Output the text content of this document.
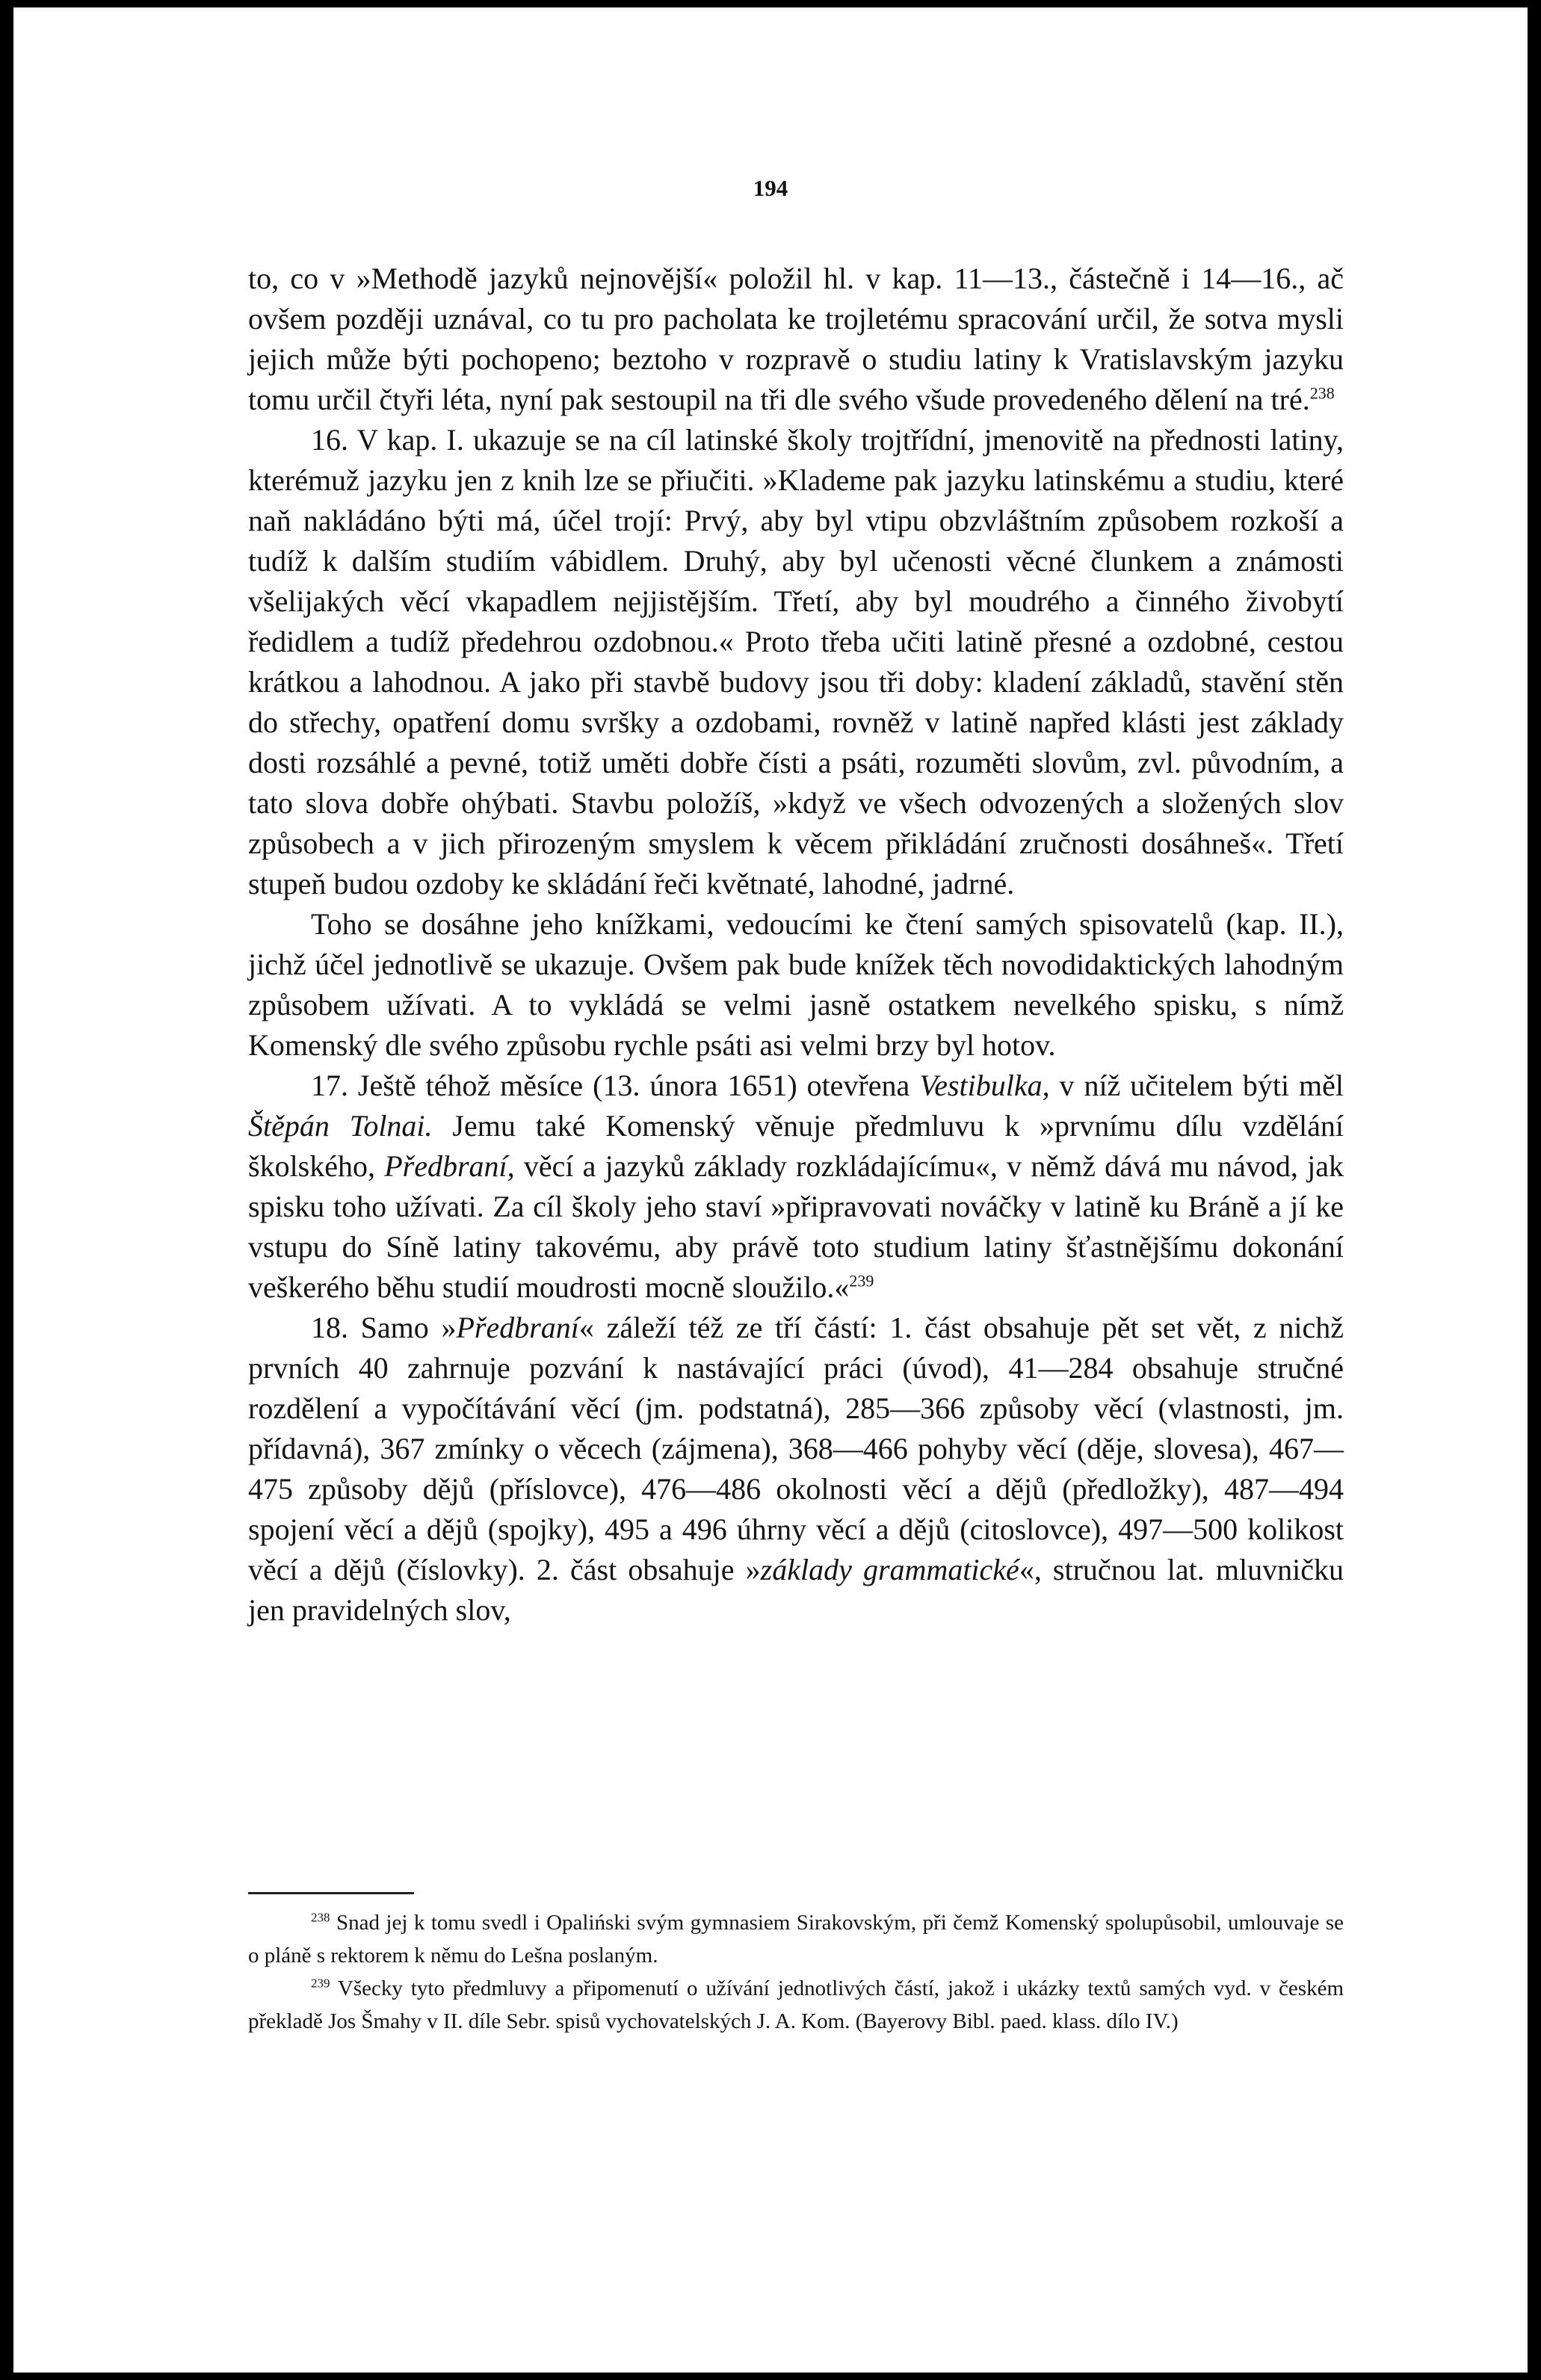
194

to, co v »Methodě jazyků nejnovější« položil hl. v kap. 11—13., částečně i 14—16., ač ovšem později uznával, co tu pro pacholata ke trojletému spracování určil, že sotva mysli jejich může býti pochopeno; beztoho v rozpravě o studiu latiny k Vratislavským jazyku tomu určil čtyři léta, nyní pak sestoupil na tři dle svého všude provedeného dělení na tré.$^{238}$

16. V kap. I. ukazuje se na cíl latinské školy trojtřídní, jmenovitě na přednosti latiny, kterémuž jazyku jen z knih lze se přiučiti. »Klademe pak jazyku latinskému a studiu, které naň nakládáno býti má, účel trojí: Prvý, aby byl vtipu obzvláštním způsobem rozkoší a tudíž k dalším studiím vábidlem. Druhý, aby byl učenosti věcné člunkem a známosti všelijakých věcí vkapadlem nejjistějším. Třetí, aby byl moudrého a činného živobytí ředidlem a tudíž předehrou ozdobnou.« Proto třeba učiti latině přesné a ozdobné, cestou krátkou a lahodnou. A jako při stavbě budovy jsou tři doby: kladení základů, stavění stěn do střechy, opatření domu svršky a ozdobami, rovněž v latině napřed klásti jest základy dosti rozsáhlé a pevné, totiž uměti dobře čísti a psáti, rozuměti slovům, zvl. původním, a tato slova dobře ohýbati. Stavbu položíš, »když ve všech odvozených a složených slov způsobech a v jich přirozeným smyslem k věcem přikládání zručnosti dosáhneš«. Třetí stupeň budou ozdoby ke skládání řeči květnaté, lahodné, jadrné.

Toho se dosáhne jeho knížkami, vedoucími ke čtení samých spisovatelů (kap. II.), jichž účel jednotlivě se ukazuje. Ovšem pak bude knížek těch novodidaktických lahodným způsobem užívati. A to vykládá se velmi jasně ostatkem nevelkého spisku, s nímž Komenský dle svého způsobu rychle psáti asi velmi brzy byl hotov.

17. Ještě téhož měsíce (13. února 1651) otevřena Vestibulka, v níž učitelem býti měl Štěpán Tolnai. Jemu také Komenský věnuje předmluvu k »prvnímu dílu vzdělání školského, Předbraní, věcí a jazyků základy rozkládajícímu«, v němž dává mu návod, jak spisku toho užívati. Za cíl školy jeho staví »připravovati nováčky v latině ku Bráně a jí ke vstupu do Síně latiny takovému, aby právě toto studium latiny šťastnějšímu dokonání veškerého běhu studií moudrosti mocně sloužilo.«$^{239}$

18. Samo »Předbraní« záleží též ze tří částí: 1. část obsahuje pět set vět, z nichž prvních 40 zahrnuje pozvání k nastávající práci (úvod), 41—284 obsahuje stručné rozdělení a vypočítávání věcí (jm. podstatná), 285—366 způsoby věcí (vlastnosti, jm. přídavná), 367 zmínky o věcech (zájmena), 368—466 pohyby věcí (děje, slovesa), 467—475 způsoby dějů (příslovce), 476—486 okolnosti věcí a dějů (předložky), 487—494 spojení věcí a dějů (spojky), 495 a 496 úhrny věcí a dějů (citoslovce), 497—500 kolikost věcí a dějů (číslovky). 2. část obsahuje »základy grammatické«, stručnou lat. mluvničku jen pravidelných slov,

$^{238}$ Snad jej k tomu svedl i Opaliński svým gymnasiem Sirakovským, při čemž Komenský spolupůsobil, umlouvaje se o pláně s rektorem k němu do Lešna poslaným.

$^{239}$ Všecky tyto předmluvy a připomenutí o užívání jednotlivých částí, jakož i ukázky textů samých vyd. v českém překladě Jos Šmahy v II. díle Sebr. spisů vychovatelských J. A. Kom. (Bayerovy Bibl. paed. klass. dílo IV.)
